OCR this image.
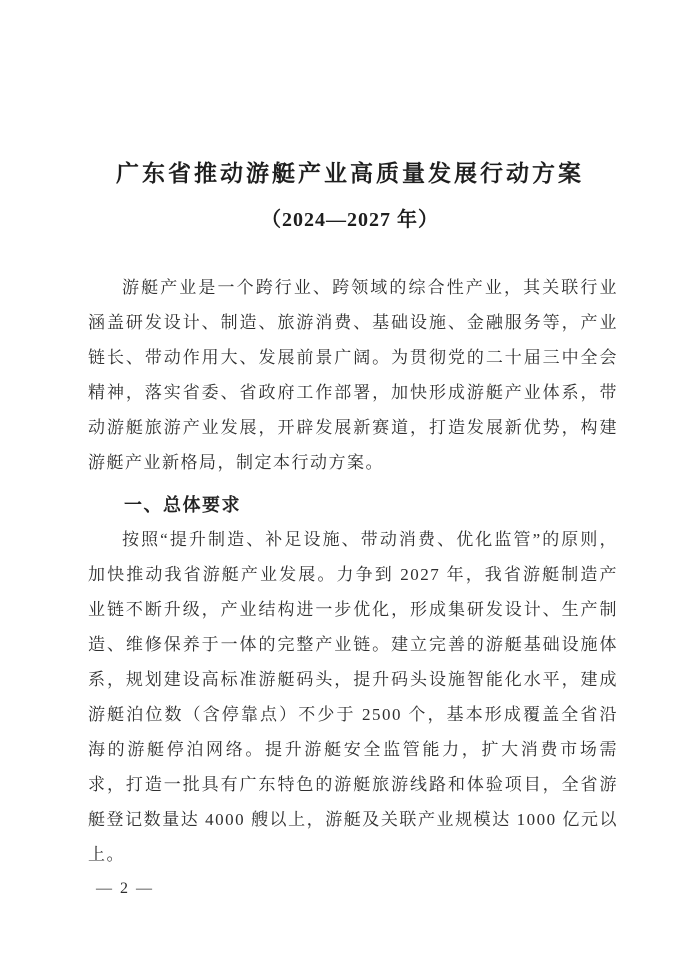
广东省推动游艇产业高质量发展行动方案
（2024—2027 年）

游艇产业是一个跨行业、跨领域的综合性产业，其关联行业涵盖研发设计、制造、旅游消费、基础设施、金融服务等，产业链长、带动作用大、发展前景广阔。为贯彻党的二十届三中全会精神，落实省委、省政府工作部署，加快形成游艇产业体系，带动游艇旅游产业发展，开辟发展新赛道，打造发展新优势，构建游艇产业新格局，制定本行动方案。

一、总体要求

按照“提升制造、补足设施、带动消费、优化监管”的原则，加快推动我省游艇产业发展。力争到 2027 年，我省游艇制造产业链不断升级，产业结构进一步优化，形成集研发设计、生产制造、维修保养于一体的完整产业链。建立完善的游艇基础设施体系，规划建设高标准游艇码头，提升码头设施智能化水平，建成游艇泊位数（含停靠点）不少于 2500 个，基本形成覆盖全省沿海的游艇停泊网络。提升游艇安全监管能力，扩大消费市场需求，打造一批具有广东特色的游艇旅游线路和体验项目，全省游艇登记数量达 4000 艘以上，游艇及关联产业规模达 1000 亿元以上。

— 2 —
